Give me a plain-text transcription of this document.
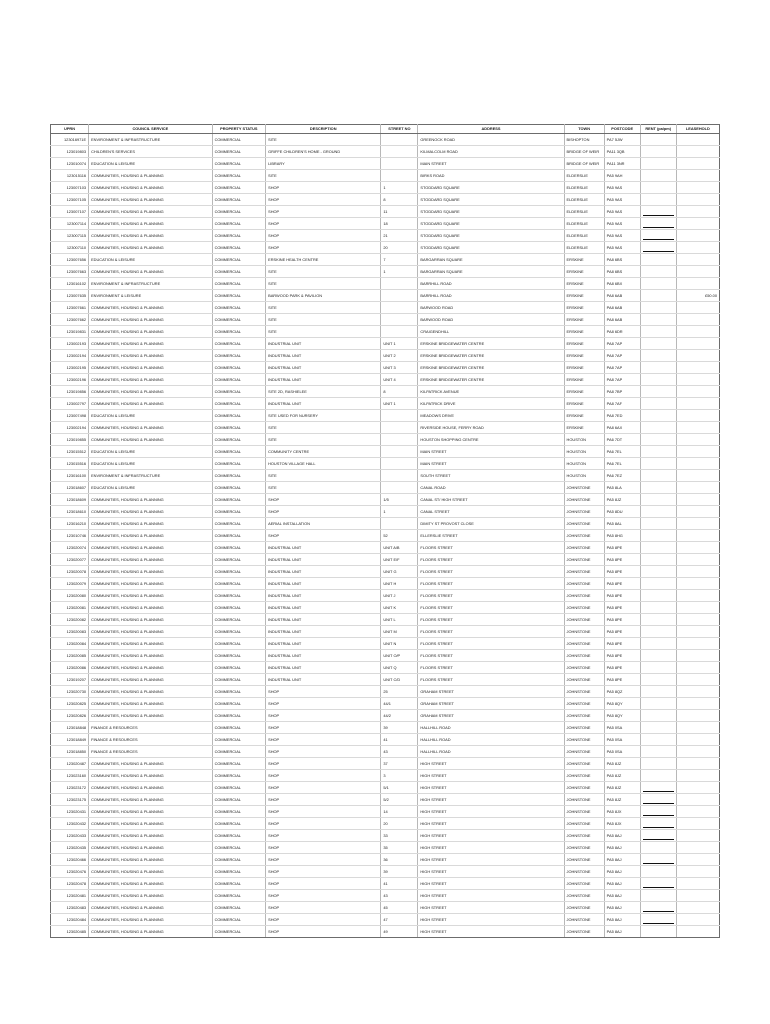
UPRN	COUNCIL SERVICE	PROPERTY STATUS	DESCRIPTION	STREET NO	ADDRESS	TOWN	POSTCODE	RENT (pa/pm)	LEASEHOLD
123016971E	ENVIRONMENT & INFRASTRUCTURE	COMMERCIAL	SITE		GREENOCK ROAD	BISHOPTON	PA7 5JW		
123019803	CHILDREN'S SERVICES	COMMERCIAL	GRIFFE CHILDREN'S HOME - GROUND		KILMALCOLM ROAD	BRIDGE OF WEIR	PA11 3QB		
123010074	EDUCATION & LEISURE	COMMERCIAL	LIBRARY		MAIN STREET	BRIDGE OF WEIR	PA11 3NR		
123015116	COMMUNITIES, HOUSING & PLANNING	COMMERCIAL	SITE		BIRKS ROAD	ELDERSLIE	PA5 9AH		
123007103	COMMUNITIES, HOUSING & PLANNING	COMMERCIAL	SHOP	1	STODDARD SQUARE	ELDERSLIE	PA5 9AS		
123007105	COMMUNITIES, HOUSING & PLANNING	COMMERCIAL	SHOP	8	STODDARD SQUARE	ELDERSLIE	PA5 9AS		
123007107	COMMUNITIES, HOUSING & PLANNING	COMMERCIAL	SHOP	11	STODDARD SQUARE	ELDERSLIE	PA5 9AS		
123007114	COMMUNITIES, HOUSING & PLANNING	COMMERCIAL	SHOP	18	STODDARD SQUARE	ELDERSLIE	PA5 9AS		
123007115	COMMUNITIES, HOUSING & PLANNING	COMMERCIAL	SHOP	21	STODDARD SQUARE	ELDERSLIE	PA5 9AS		
123007110	COMMUNITIES, HOUSING & PLANNING	COMMERCIAL	SHOP	20	STODDARD SQUARE	ELDERSLIE	PA5 9AS		
123007656	EDUCATION & LEISURE	COMMERCIAL	ERSKINE HEALTH CENTRE	7	BARGARRAN SQUARE	ERSKINE	PA8 6BS		
123007663	COMMUNITIES, HOUSING & PLANNING	COMMERCIAL	SITE	1	BARGARRAN SQUARE	ERSKINE	PA8 6BS		
123016102	ENVIRONMENT & INFRASTRUCTURE	COMMERCIAL	SITE		BARRHILL ROAD	ERSKINE	PA8 6BX		
123007635	ENVIRONMENT & LEISURE	COMMERCIAL	BARWOOD PARK & PAVILION		BARRHILL ROAD	ERSKINE	PA8 6AB		£50.00
123007661	COMMUNITIES, HOUSING & PLANNING	COMMERCIAL	SITE		BARWOOD ROAD	ERSKINE	PA8 6AB		
123007662	COMMUNITIES, HOUSING & PLANNING	COMMERCIAL	SITE		BARWOOD ROAD	ERSKINE	PA8 6AB		
123019831	COMMUNITIES, HOUSING & PLANNING	COMMERCIAL	SITE		CRAIGENDHILL	ERSKINE	PA8 6DR		
123002193	COMMUNITIES, HOUSING & PLANNING	COMMERCIAL	INDUSTRIAL UNIT	UNIT 1	ERSKINE BRIDGEWATER CENTRE	ERSKINE	PA8 7AP		
123002194	COMMUNITIES, HOUSING & PLANNING	COMMERCIAL	INDUSTRIAL UNIT	UNIT 2	ERSKINE BRIDGEWATER CENTRE	ERSKINE	PA8 7AP		
123002195	COMMUNITIES, HOUSING & PLANNING	COMMERCIAL	INDUSTRIAL UNIT	UNIT 3	ERSKINE BRIDGEWATER CENTRE	ERSKINE	PA8 7AP		
123002196	COMMUNITIES, HOUSING & PLANNING	COMMERCIAL	INDUSTRIAL UNIT	UNIT 4	ERSKINE BRIDGEWATER CENTRE	ERSKINE	PA8 7AP		
123019856	COMMUNITIES, HOUSING & PLANNING	COMMERCIAL	SITE 2D, RASHIELEE	8	KILPATRICK AVENUE	ERSKINE	PA8 7BP		
123002797	COMMUNITIES, HOUSING & PLANNING	COMMERCIAL	INDUSTRIAL UNIT	UNIT 1	KILPATRICK DRIVE	ERSKINE	PA8 7AF		
123007498	EDUCATION & LEISURE	COMMERCIAL	SITE USED FOR NURSERY		MEADOWS DRIVE	ERSKINE	PA8 7ED		
123002194	COMMUNITIES, HOUSING & PLANNING	COMMERCIAL	SITE		RIVERSIDE HOUSE, FERRY ROAD	ERSKINE	PA8 6AX		
123019855	COMMUNITIES, HOUSING & PLANNING	COMMERCIAL	SITE		HOUSTON SHOPPING CENTRE	HOUSTON	PA6 7DT		
123015512	EDUCATION & LEISURE	COMMERCIAL	COMMUNITY CENTRE		MAIN STREET	HOUSTON	PA6 7EL		
123015516	EDUCATION & LEISURE	COMMERCIAL	HOUSTON VILLAGE HALL		MAIN STREET	HOUSTON	PA6 7EL		
123016100	ENVIRONMENT & INFRASTRUCTURE	COMMERCIAL	SITE		SOUTH STREET	HOUSTON	PA6 7EZ		
123018607	EDUCATION & LEISURE	COMMERCIAL	SITE		CANAL ROAD	JOHNSTONE	PA5 8LA		
123018609	COMMUNITIES, HOUSING & PLANNING	COMMERCIAL	SHOP	1/5	CANAL ST/ HIGH STREET	JOHNSTONE	PA5 8JZ		
123018610	COMMUNITIES, HOUSING & PLANNING	COMMERCIAL	SHOP	1	CANAL STREET	JOHNSTONE	PA5 8DU		
123016210	COMMUNITIES, HOUSING & PLANNING	COMMERCIAL	AERIAL INSTALLATION		DIMITY ST PROVOST CLOSE	JOHNSTONE	PA5 8AL		
123010746	COMMUNITIES, HOUSING & PLANNING	COMMERCIAL	SHOP	52	ELLERSLIE STREET	JOHNSTONE	PA5 8HG		
123020074	COMMUNITIES, HOUSING & PLANNING	COMMERCIAL	INDUSTRIAL UNIT	UNIT A/B	FLOORS STREET	JOHNSTONE	PA5 8PE		
123020077	COMMUNITIES, HOUSING & PLANNING	COMMERCIAL	INDUSTRIAL UNIT	UNIT E/F	FLOORS STREET	JOHNSTONE	PA5 8PE		
123020078	COMMUNITIES, HOUSING & PLANNING	COMMERCIAL	INDUSTRIAL UNIT	UNIT G	FLOORS STREET	JOHNSTONE	PA5 8PE		
123020079	COMMUNITIES, HOUSING & PLANNING	COMMERCIAL	INDUSTRIAL UNIT	UNIT H	FLOORS STREET	JOHNSTONE	PA5 8PE		
123020080	COMMUNITIES, HOUSING & PLANNING	COMMERCIAL	INDUSTRIAL UNIT	UNIT J	FLOORS STREET	JOHNSTONE	PA5 8PE		
123020081	COMMUNITIES, HOUSING & PLANNING	COMMERCIAL	INDUSTRIAL UNIT	UNIT K	FLOORS STREET	JOHNSTONE	PA5 8PE		
123020082	COMMUNITIES, HOUSING & PLANNING	COMMERCIAL	INDUSTRIAL UNIT	UNIT L	FLOORS STREET	JOHNSTONE	PA5 8PE		
123020083	COMMUNITIES, HOUSING & PLANNING	COMMERCIAL	INDUSTRIAL UNIT	UNIT M	FLOORS STREET	JOHNSTONE	PA5 8PE		
123020084	COMMUNITIES, HOUSING & PLANNING	COMMERCIAL	INDUSTRIAL UNIT	UNIT N	FLOORS STREET	JOHNSTONE	PA5 8PE		
123020085	COMMUNITIES, HOUSING & PLANNING	COMMERCIAL	INDUSTRIAL UNIT	UNIT O/P	FLOORS STREET	JOHNSTONE	PA5 8PE		
123020086	COMMUNITIES, HOUSING & PLANNING	COMMERCIAL	INDUSTRIAL UNIT	UNIT Q	FLOORS STREET	JOHNSTONE	PA5 8PE		
123019207	COMMUNITIES, HOUSING & PLANNING	COMMERCIAL	INDUSTRIAL UNIT	UNIT C/D	FLOORS STREET	JOHNSTONE	PA5 8PE		
123020730	COMMUNITIES, HOUSING & PLANNING	COMMERCIAL	SHOP	25	GRAHAM STREET	JOHNSTONE	PA5 8QZ		
123020825	COMMUNITIES, HOUSING & PLANNING	COMMERCIAL	SHOP	44/1	GRAHAM STREET	JOHNSTONE	PA5 8QY		
123020826	COMMUNITIES, HOUSING & PLANNING	COMMERCIAL	SHOP	44/2	GRAHAM STREET	JOHNSTONE	PA5 8QY		
123018848	FINANCE & RESOURCES	COMMERCIAL	SHOP	39	HALLHILL ROAD	JOHNSTONE	PA5 0SA		
123018849	FINANCE & RESOURCES	COMMERCIAL	SHOP	41	HALLHILL ROAD	JOHNSTONE	PA5 0SA		
123018850	FINANCE & RESOURCES	COMMERCIAL	SHOP	43	HALLHILL ROAD	JOHNSTONE	PA5 0SA		
123020487	COMMUNITIES, HOUSING & PLANNING	COMMERCIAL	SHOP	37	HIGH STREET	JOHNSTONE	PA5 8JZ		
123023160	COMMUNITIES, HOUSING & PLANNING	COMMERCIAL	SHOP	3	HIGH STREET	JOHNSTONE	PA5 8JZ		
123023172	COMMUNITIES, HOUSING & PLANNING	COMMERCIAL	SHOP	5/1	HIGH STREET	JOHNSTONE	PA5 8JZ		
123023175	COMMUNITIES, HOUSING & PLANNING	COMMERCIAL	SHOP	5/2	HIGH STREET	JOHNSTONE	PA5 8JZ		
123020431	COMMUNITIES, HOUSING & PLANNING	COMMERCIAL	SHOP	14	HIGH STREET	JOHNSTONE	PA5 8JX		
123020432	COMMUNITIES, HOUSING & PLANNING	COMMERCIAL	SHOP	20	HIGH STREET	JOHNSTONE	PA5 8JX		
123020433	COMMUNITIES, HOUSING & PLANNING	COMMERCIAL	SHOP	33	HIGH STREET	JOHNSTONE	PA5 8AJ		
123020435	COMMUNITIES, HOUSING & PLANNING	COMMERCIAL	SHOP	35	HIGH STREET	JOHNSTONE	PA5 8AJ		
123020466	COMMUNITIES, HOUSING & PLANNING	COMMERCIAL	SHOP	36	HIGH STREET	JOHNSTONE	PA5 8AJ		
123020476	COMMUNITIES, HOUSING & PLANNING	COMMERCIAL	SHOP	39	HIGH STREET	JOHNSTONE	PA5 8AJ		
123020478	COMMUNITIES, HOUSING & PLANNING	COMMERCIAL	SHOP	41	HIGH STREET	JOHNSTONE	PA5 8AJ		
123020481	COMMUNITIES, HOUSING & PLANNING	COMMERCIAL	SHOP	43	HIGH STREET	JOHNSTONE	PA5 8AJ		
123020483	COMMUNITIES, HOUSING & PLANNING	COMMERCIAL	SHOP	45	HIGH STREET	JOHNSTONE	PA5 8AJ		
123020484	COMMUNITIES, HOUSING & PLANNING	COMMERCIAL	SHOP	47	HIGH STREET	JOHNSTONE	PA5 8AJ		
123020485	COMMUNITIES, HOUSING & PLANNING	COMMERCIAL	SHOP	49	HIGH STREET	JOHNSTONE	PA5 8AJ		
